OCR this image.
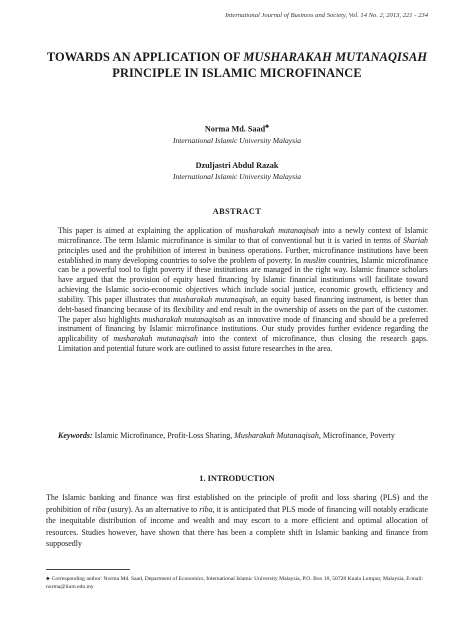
International Journal of Business and Society, Vol. 14 No. 2, 2013, 221 - 234
TOWARDS AN APPLICATION OF MUSHARAKAH MUTANAQISAH PRINCIPLE IN ISLAMIC MICROFINANCE
Norma Md. Saad♣
International Islamic University Malaysia
Dzuljastri Abdul Razak
International Islamic University Malaysia
ABSTRACT

This paper is aimed at explaining the application of musharakah mutanaqisah into a newly context of Islamic microfinance. The term Islamic microfinance is similar to that of conventional but it is varied in terms of Shariah principles used and the prohibition of interest in business operations. Further, microfinance institutions have been established in many developing countries to solve the problem of poverty. In muslim countries, Islamic microfinance can be a powerful tool to fight poverty if these institutions are managed in the right way. Islamic finance scholars have argued that the provision of equity based financing by Islamic financial institutions will facilitate toward achieving the Islamic socio-economic objectives which include social justice, economic growth, efficiency and stability. This paper illustrates that musharakah mutanaqisah, an equity based financing instrument, is better than debt-based financing because of its flexibility and end result in the ownership of assets on the part of the customer. The paper also highlights musharakah mutanaqisah as an innovative mode of financing and should be a preferred instrument of financing by Islamic microfinance institutions. Our study provides further evidence regarding the applicability of musharakah mutanaqisah into the context of microfinance, thus closing the research gaps. Limitation and potential future work are outlined to assist future researches in the area.

Keywords: Islamic Microfinance, Profit-Loss Sharing, Musharakah Mutanaqisah, Microfinance, Poverty

1. INTRODUCTION

The Islamic banking and finance was first established on the principle of profit and loss sharing (PLS) and the prohibition of riba (usury). As an alternative to riba, it is anticipated that PLS mode of financing will notably eradicate the inequitable distribution of income and wealth and may escort to a more efficient and optimal allocation of resources. Studies however, have shown that there has been a complete shift in Islamic banking and finance from supposedly

♣ Corresponding author: Norma Md. Saad, Department of Economics, International Islamic University Malaysia, P.O. Box 10, 50728 Kuala Lumpur, Malaysia, E-mail: norma@iium.edu.my
